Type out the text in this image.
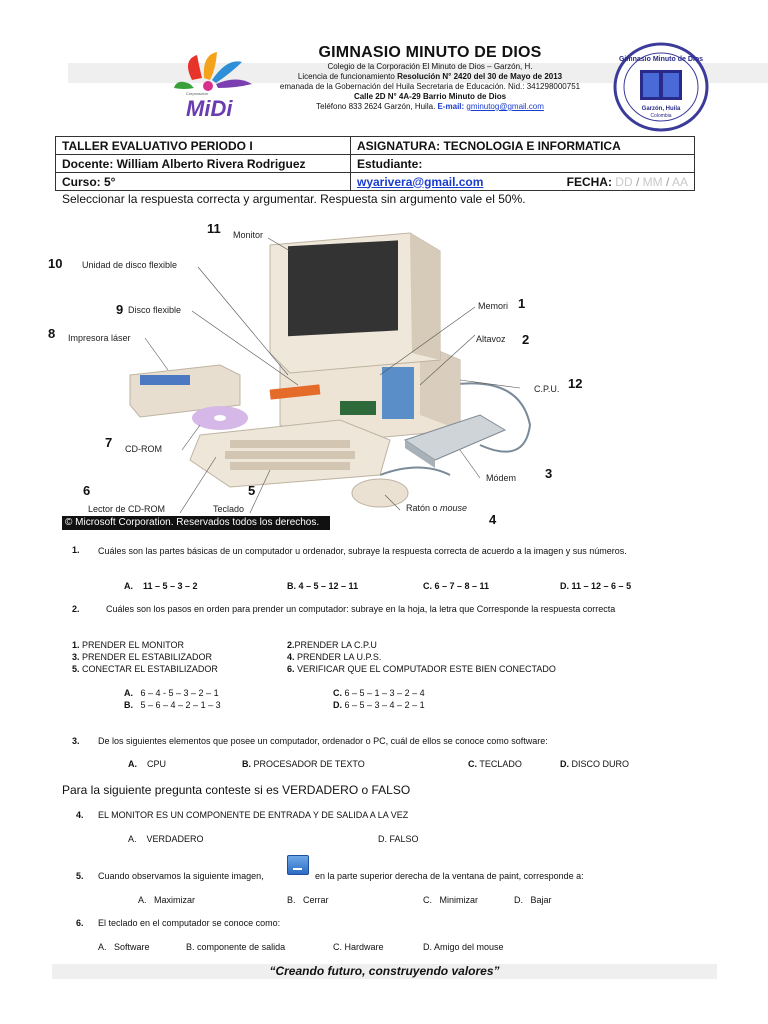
MiDi
Corporación
GIMNASIO MINUTO DE DIOS
Colegio de la Corporación El Minuto de Dios – Garzón, H.
Licencia de funcionamiento Resolución N° 2420 del 30 de Mayo de 2013
emanada de la Gobernación del Huila Secretaria de Educación. Nid.: 341298000751
Calle 2D N° 4A-29 Barrio Minuto de Dios
Teléfono 833 2624 Garzón, Huila. E-mail: gminutog@gmail.com
Gimnasio Minuto de Dios
Garzón, Huila
Colombia
TALLER EVALUATIVO PERIODO I	ASIGNATURA: TECNOLOGIA E INFORMATICA
Docente: William Alberto Rivera Rodriguez	Estudiante:
Curso: 5°	wyarivera@gmail.com FECHA: DD / MM / AA
Seleccionar la respuesta correcta y argumentar. Respuesta sin argumento vale el 50%.
Monitor
Unidad de disco flexible
Disco flexible
Impresora láser
CD-ROM
Lector de CD-ROM	Teclado	Ratón o mouse
Módem
C.P.U.
Altavoz
Memori 1
2
3
4
5
6
7
8
9
10
11
12
© Microsoft Corporation. Reservados todos los derechos.
1. Cuáles son las partes básicas de un computador u ordenador, subraye la respuesta correcta de acuerdo a la imagen y sus números.
A. 11 – 5 – 3 – 2	B. 4 – 5 – 12 – 11	C. 6 – 7 – 8 – 11	D. 11 – 12 – 6 – 5
2.	Cuáles son los pasos en orden para prender un computador: subraye en la hoja, la letra que Corresponde la respuesta correcta
1. PRENDER EL MONITOR	2.PRENDER LA C.P.U
3. PRENDER EL ESTABILIZADOR	4. PRENDER LA U.P.S.
5. CONECTAR EL ESTABILIZADOR	6. VERIFICAR QUE EL COMPUTADOR ESTE BIEN CONECTADO
A. 6 – 4 - 5 – 3 – 2 – 1
B. 5 – 6 – 4 – 2 – 1 – 3
C. 6 – 5 – 1 – 3 – 2 – 4
D. 6 – 5 – 3 – 4 – 2 – 1
3. De los siguientes elementos que posee un computador, ordenador o PC, cuál de ellos se conoce como software:
A. CPU	B. PROCESADOR DE TEXTO	C. TECLADO	D. DISCO DURO
Para la siguiente pregunta conteste si es VERDADERO o FALSO
4. EL MONITOR ES UN COMPONENTE DE ENTRADA Y DE SALIDA A LA VEZ
A. VERDADERO	D. FALSO
5. Cuando observamos la siguiente imagen,	en la parte superior derecha de la ventana de paint, corresponde a:
A. Maximizar	B. Cerrar	C. Minimizar	D. Bajar
6. El teclado en el computador se conoce como:
A. Software	B. componente de salida	C. Hardware	D. Amigo del mouse
“Creando futuro, construyendo valores”
